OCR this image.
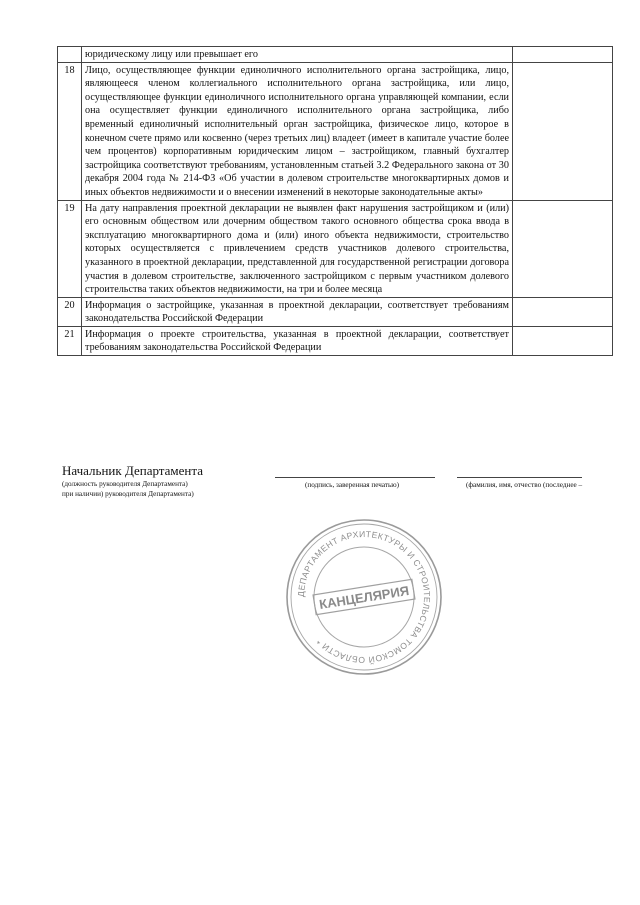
	юридическому лицу или превышает его	
18	Лицо, осуществляющее функции единоличного исполнительного органа застройщика, лицо, являющееся членом коллегиального исполнительного органа застройщика, или лицо, осуществляющее функции единоличного исполнительного органа управляющей компании, если она осуществляет функции единоличного исполнительного органа застройщика, либо временный единоличный исполнительный орган застройщика, физическое лицо, которое в конечном счете прямо или косвенно (через третьих лиц) владеет (имеет в капитале участие более чем процентов) корпоративным юридическим лицом – застройщиком, главный бухгалтер застройщика соответствуют требованиям, установленным статьей 3.2 Федерального закона от 30 декабря 2004 года № 214-ФЗ «Об участии в долевом строительстве многоквартирных домов и иных объектов недвижимости и о внесении изменений в некоторые законодательные акты»	
19	На дату направления проектной декларации не выявлен факт нарушения застройщиком и (или) его основным обществом или дочерним обществом такого основного общества срока ввода в эксплуатацию многоквартирного дома и (или) иного объекта недвижимости, строительство которых осуществляется с привлечением средств участников долевого строительства, указанного в проектной декларации, представленной для государственной регистрации договора участия в долевом строительстве, заключенного застройщиком с первым участником долевого строительства таких объектов недвижимости, на три и более месяца	
20	Информация о застройщике, указанная в проектной декларации, соответствует требованиям законодательства Российской Федерации	
21	Информация о проекте строительства, указанная в проектной декларации, соответствует требованиям законодательства Российской Федерации	
Начальник Департамента
(должность руководителя Департамента)
при наличии) руководителя Департамента)
(подпись, заверенная печатью)	(фамилия, имя, отчество (последнее –
ДЕПАРТАМЕНТ АРХИТЕКТУРЫ И СТРОИТЕЛЬСТВА ТОМСКОЙ ОБЛАСТИ *
КАНЦЕЛЯРИЯ
